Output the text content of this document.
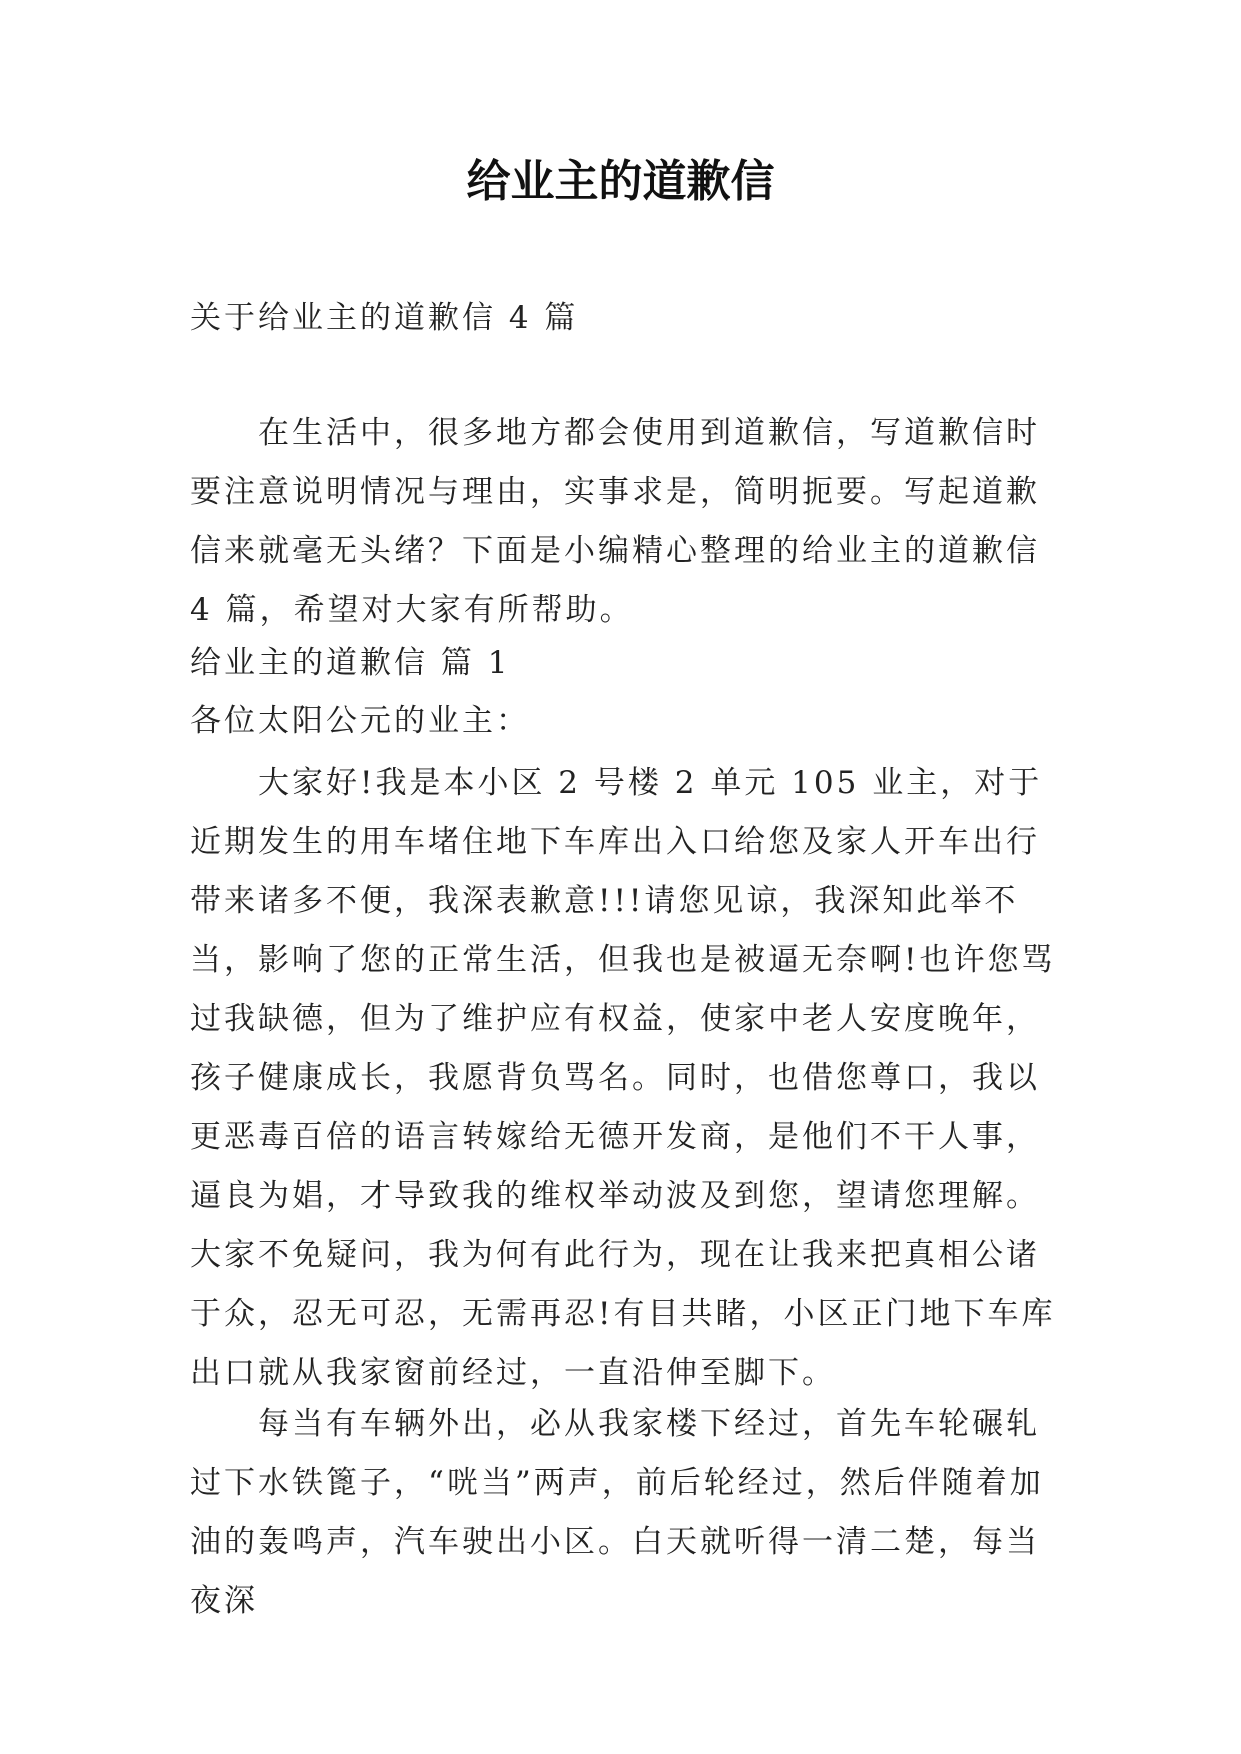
给业主的道歉信
关于给业主的道歉信 4 篇

在生活中，很多地方都会使用到道歉信，写道歉信时要注意说明情况与理由，实事求是，简明扼要。写起道歉信来就毫无头绪？下面是小编精心整理的给业主的道歉信 4 篇，希望对大家有所帮助。

给业主的道歉信 篇 1
各位太阳公元的业主：

大家好!我是本小区 2 号楼 2 单元 105 业主，对于近期发生的用车堵住地下车库出入口给您及家人开车出行带来诸多不便，我深表歉意!!!请您见谅，我深知此举不当，影响了您的正常生活，但我也是被逼无奈啊!也许您骂过我缺德，但为了维护应有权益，使家中老人安度晚年，孩子健康成长，我愿背负骂名。同时，也借您尊口，我以更恶毒百倍的语言转嫁给无德开发商，是他们不干人事，逼良为娼，才导致我的维权举动波及到您，望请您理解。 大家不免疑问，我为何有此行为，现在让我来把真相公诸于众，忍无可忍，无需再忍!有目共睹，小区正门地下车库出口就从我家窗前经过，一直沿伸至脚下。

每当有车辆外出，必从我家楼下经过，首先车轮碾轧过下水铁篦子，“咣当”两声，前后轮经过，然后伴随着加油的轰鸣声，汽车驶出小区。白天就听得一清二楚，每当夜深
